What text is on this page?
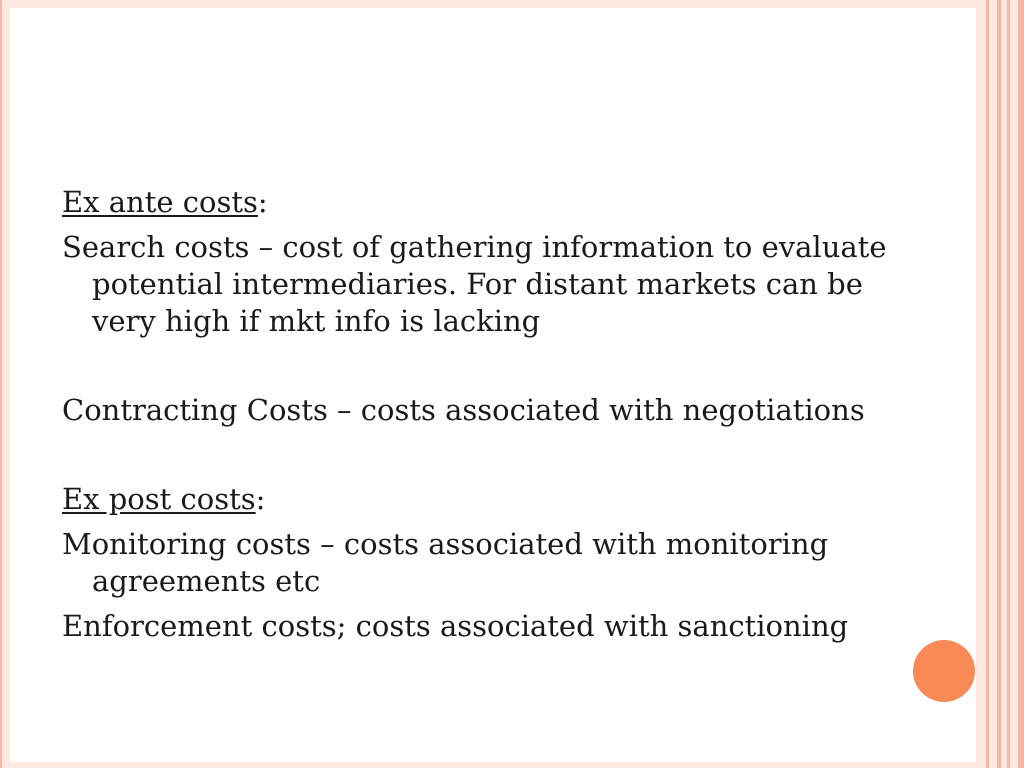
Ex ante costs:

Search costs – cost of gathering information to evaluate potential intermediaries. For distant markets can be very high if mkt info is lacking

Contracting Costs – costs associated with negotiations

Ex post costs:

Monitoring costs – costs associated with monitoring agreements etc

Enforcement costs; costs associated with sanctioning
